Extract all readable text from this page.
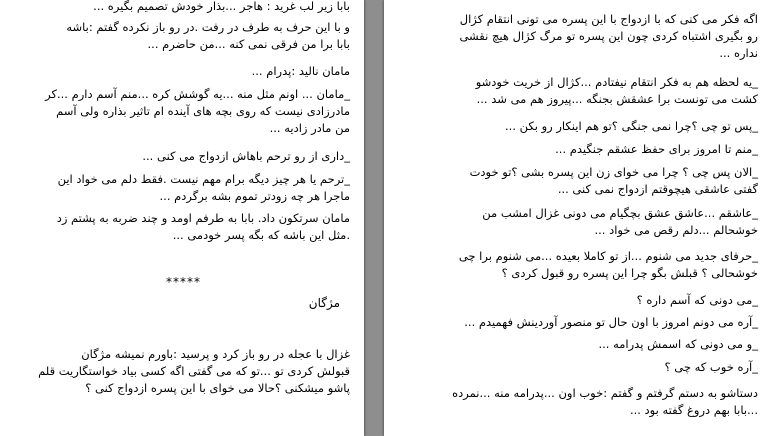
بابا زیر لب غرید : هاجر ...بذار خودش تصمیم بگیره ...
و با این حرف به طرف در رفت .در رو باز نکرده گفتم :باشه
بابا برا من فرقی نمی کنه ...من حاضرم ...
مامان نالید :پدرام ...
_مامان ... اونم مثل منه ...یه گوشش کره ...منم آسم دارم ...کر
مادرزادی نیست که روی بچه های آینده ام تاثیر بذاره ولی آسم
من مادر زادیه ...
_داری از رو ترحم باهاش ازدواج می کنی ...
_ترحم یا هر چیز دیگه برام مهم نیست .فقط دلم می خواد این
ماجرا هر چه زودتر تموم بشه برگردم ...
مامان سرتکون داد. بابا به طرفم اومد و چند ضربه به پشتم زد
.مثل این باشه که بگه پسر خودمی ...
*****
مژگان
غزال با عجله در رو باز کرد و پرسید :باورم نمیشه مژگان
قبولش کردی تو ...تو که می گفتی اگه کسی بیاد خواستگاریت قلم
پاشو میشکنی ؟حالا می خوای با این پسره ازدواج کنی ؟
اگه فکر می کنی که با ازدواج با این پسره می تونی انتقام کژال
رو بگیری اشتباه کردی چون این پسره تو مرگ کژال هیچ نقشی
نداره ...
_یه لحظه هم به فکر انتقام نیفتادم ...کژال از خریت خودشو
کشت می تونست برا عشقش بجنگه ...پیروز هم می شد ...
_پس تو چی ؟چرا نمی جنگی ؟تو هم اینکار رو بکن ...
_منم تا امروز برای حفظ عشقم جنگیدم ...
_الان پس چی ؟ چرا می خوای زن این پسره بشی ؟تو خودت
گفتی عاشقی هیچوقتم ازدواج نمی کنی ...
_عاشقم ...عاشق عشق بچگیام می دونی غزال امشب من
خوشحالم ...دلم رقص می خواد ...
_حرفای جدید می شنوم ...از تو کاملا بعیده ...می شنوم برا چی
خوشحالی ؟ قبلش بگو چرا این پسره رو قبول کردی ؟
_می دونی که آسم داره ؟
_آره می دونم امروز با اون حال تو منصور آوردینش فهمیدم ...
_و می دونی که اسمش پدرامه ...
_آره خوب که چی ؟
دستاشو به دستم گرفتم و گفتم :خوب اون ...پدرامه منه ...نمرده
...بابا بهم دروغ گفته بود ...
